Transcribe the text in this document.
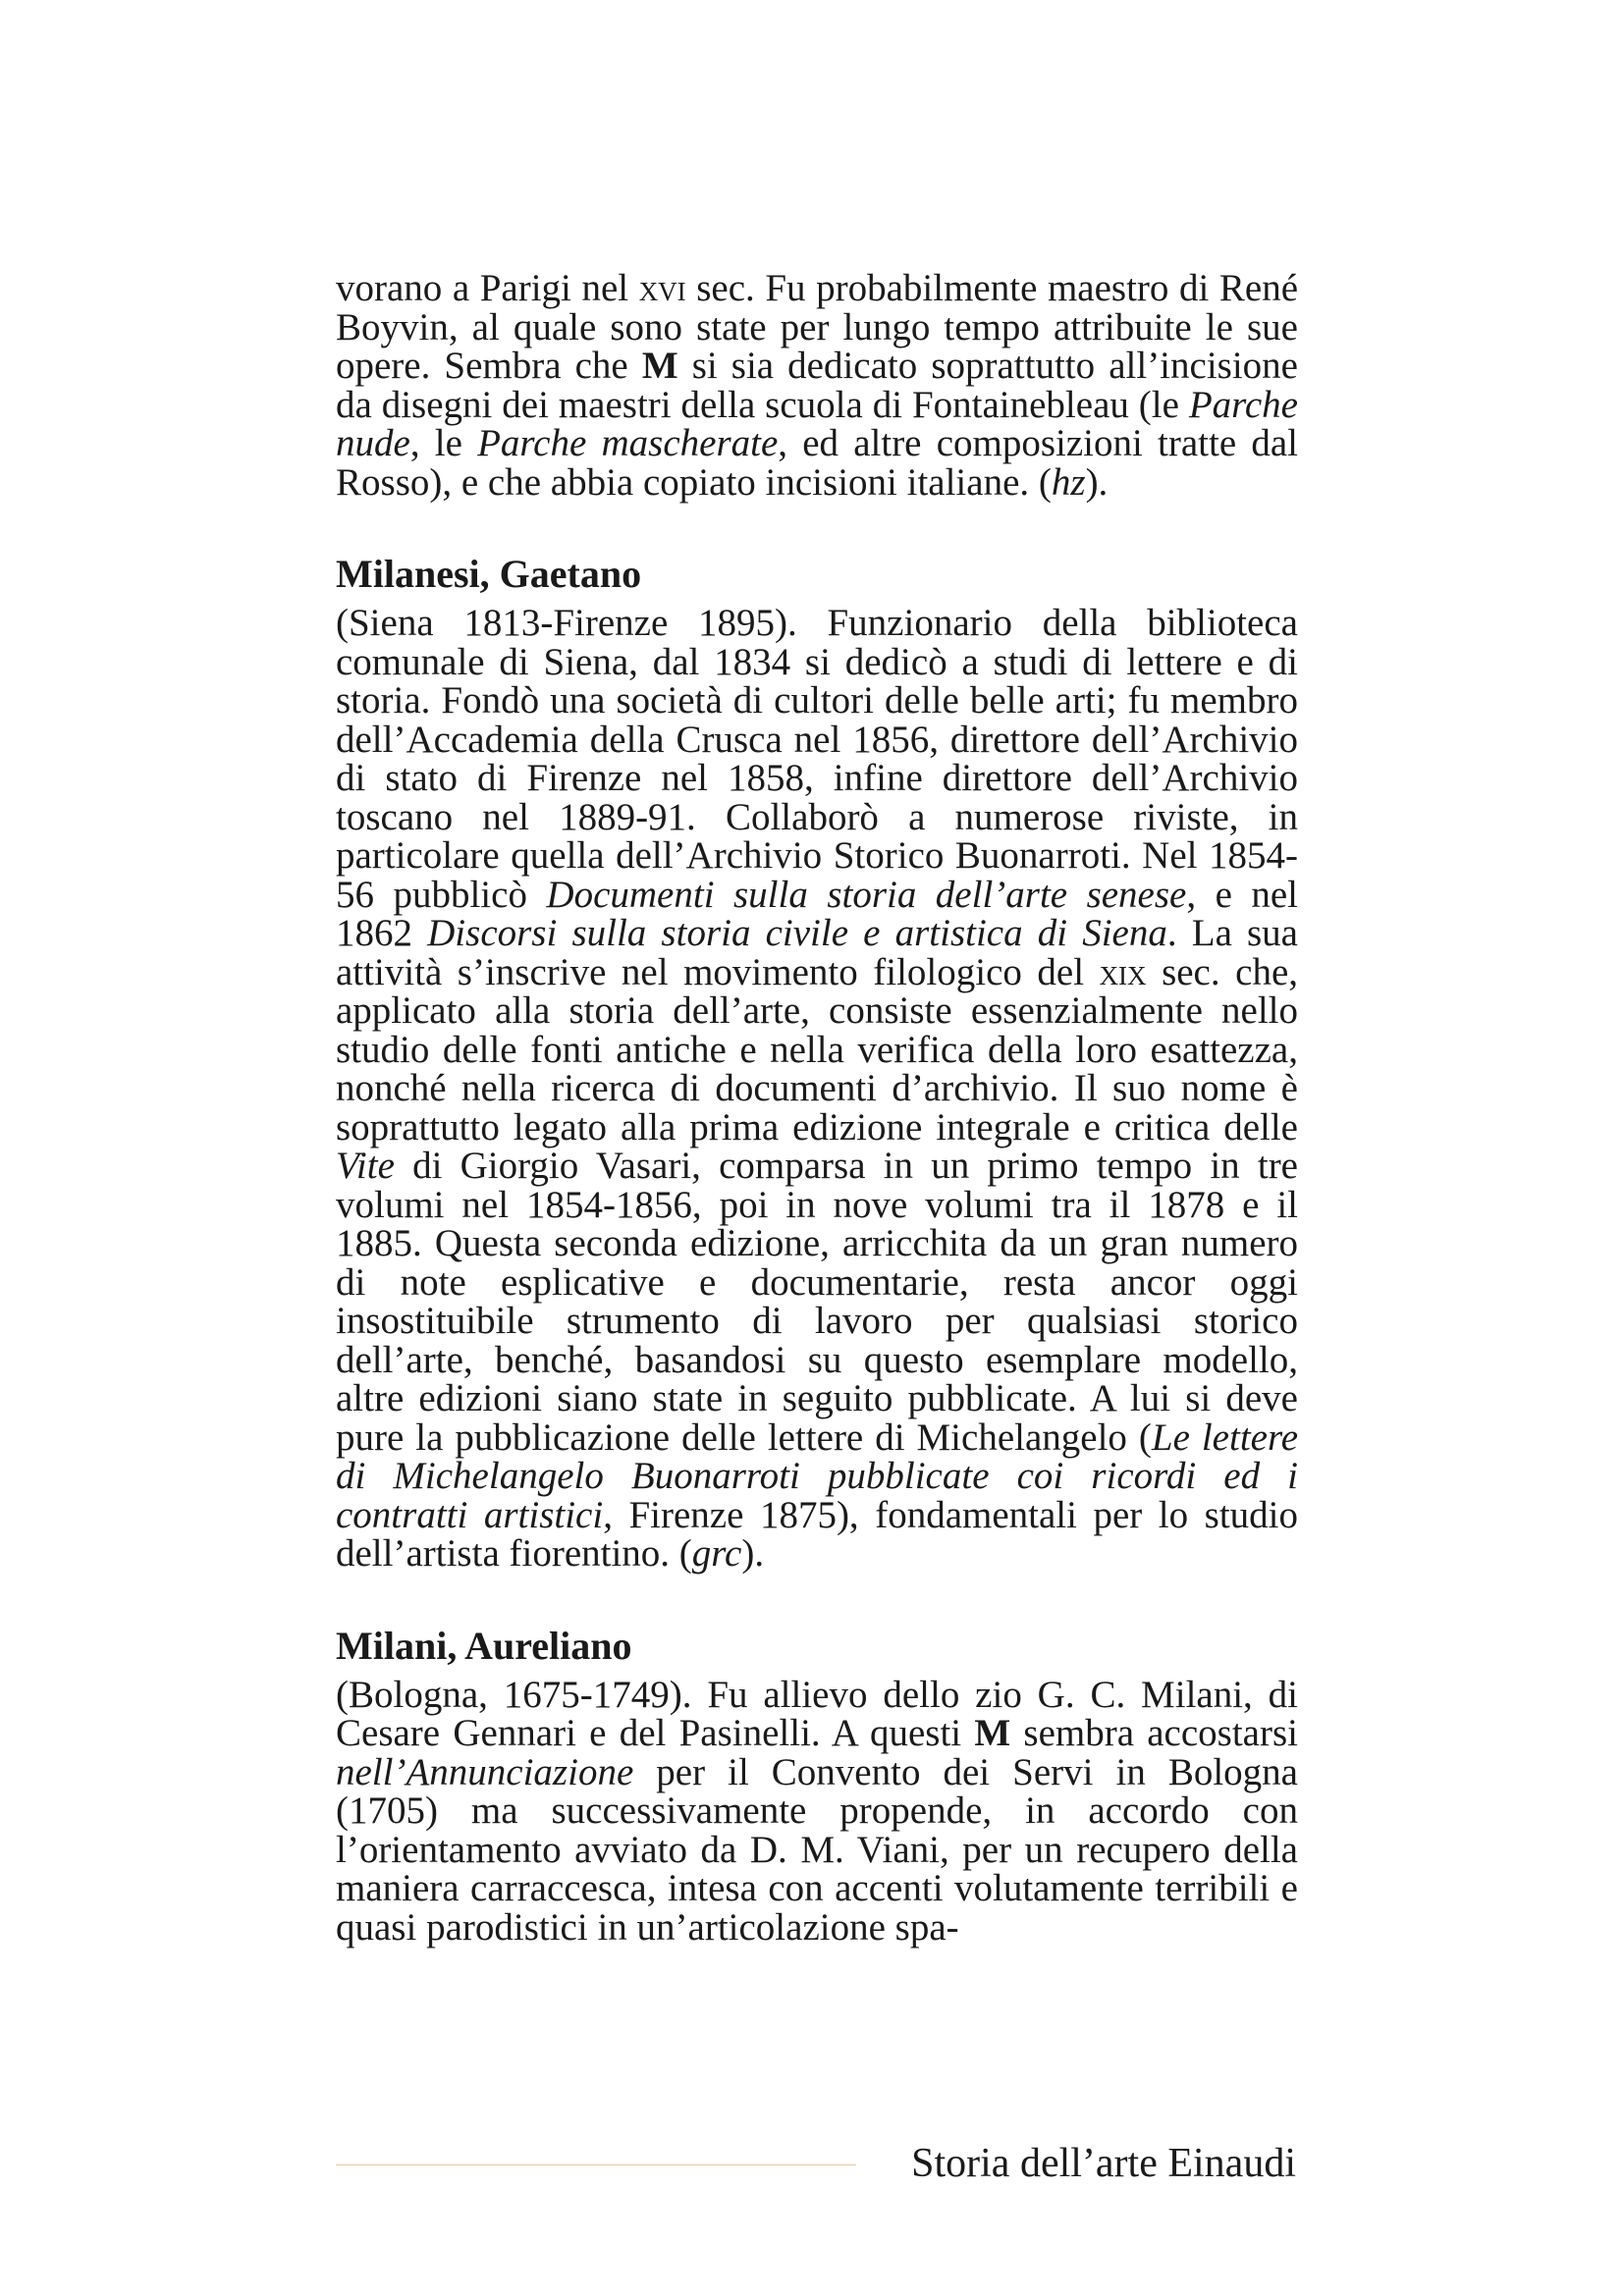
vorano a Parigi nel xvi sec. Fu probabilmente maestro di René Boyvin, al quale sono state per lungo tempo attribuite le sue opere. Sembra che M si sia dedicato soprattutto all’incisione da disegni dei maestri della scuola di Fontainebleau (le Parche nude, le Parche mascherate, ed altre composizioni tratte dal Rosso), e che abbia copiato incisioni italiane. (hz).

Milanesi, Gaetano

(Siena 1813-Firenze 1895). Funzionario della biblioteca comunale di Siena, dal 1834 si dedicò a studi di lettere e di storia. Fondò una società di cultori delle belle arti; fu membro dell’Accademia della Crusca nel 1856, direttore dell’Archivio di stato di Firenze nel 1858, infine direttore dell’Archivio toscano nel 1889-91. Collaborò a numerose riviste, in particolare quella dell’Archivio Storico Buonarroti. Nel 1854-56 pubblicò Documenti sulla storia dell’arte senese, e nel 1862 Discorsi sulla storia civile e artistica di Siena. La sua attività s’inscrive nel movimento filologico del xix sec. che, applicato alla storia dell’arte, consiste essenzialmente nello studio delle fonti antiche e nella verifica della loro esattezza, nonché nella ricerca di documenti d’archivio. Il suo nome è soprattutto legato alla prima edizione integrale e critica delle Vite di Giorgio Vasari, comparsa in un primo tempo in tre volumi nel 1854-1856, poi in nove volumi tra il 1878 e il 1885. Questa seconda edizione, arricchita da un gran numero di note esplicative e documentarie, resta ancor oggi insostituibile strumento di lavoro per qualsiasi storico dell’arte, benché, basandosi su questo esemplare modello, altre edizioni siano state in seguito pubblicate. A lui si deve pure la pubblicazione delle lettere di Michelangelo (Le lettere di Michelangelo Buonarroti pubblicate coi ricordi ed i contratti artistici, Firenze 1875), fondamentali per lo studio dell’artista fiorentino. (grc).

Milani, Aureliano

(Bologna, 1675-1749). Fu allievo dello zio G. C. Milani, di Cesare Gennari e del Pasinelli. A questi M sembra accostarsi nell’Annunciazione per il Convento dei Servi in Bologna (1705) ma successivamente propende, in accordo con l’orientamento avviato da D. M. Viani, per un recupero della maniera carraccesca, intesa con accenti volutamente terribili e quasi parodistici in un’articolazione spa-

Storia dell’arte Einaudi
